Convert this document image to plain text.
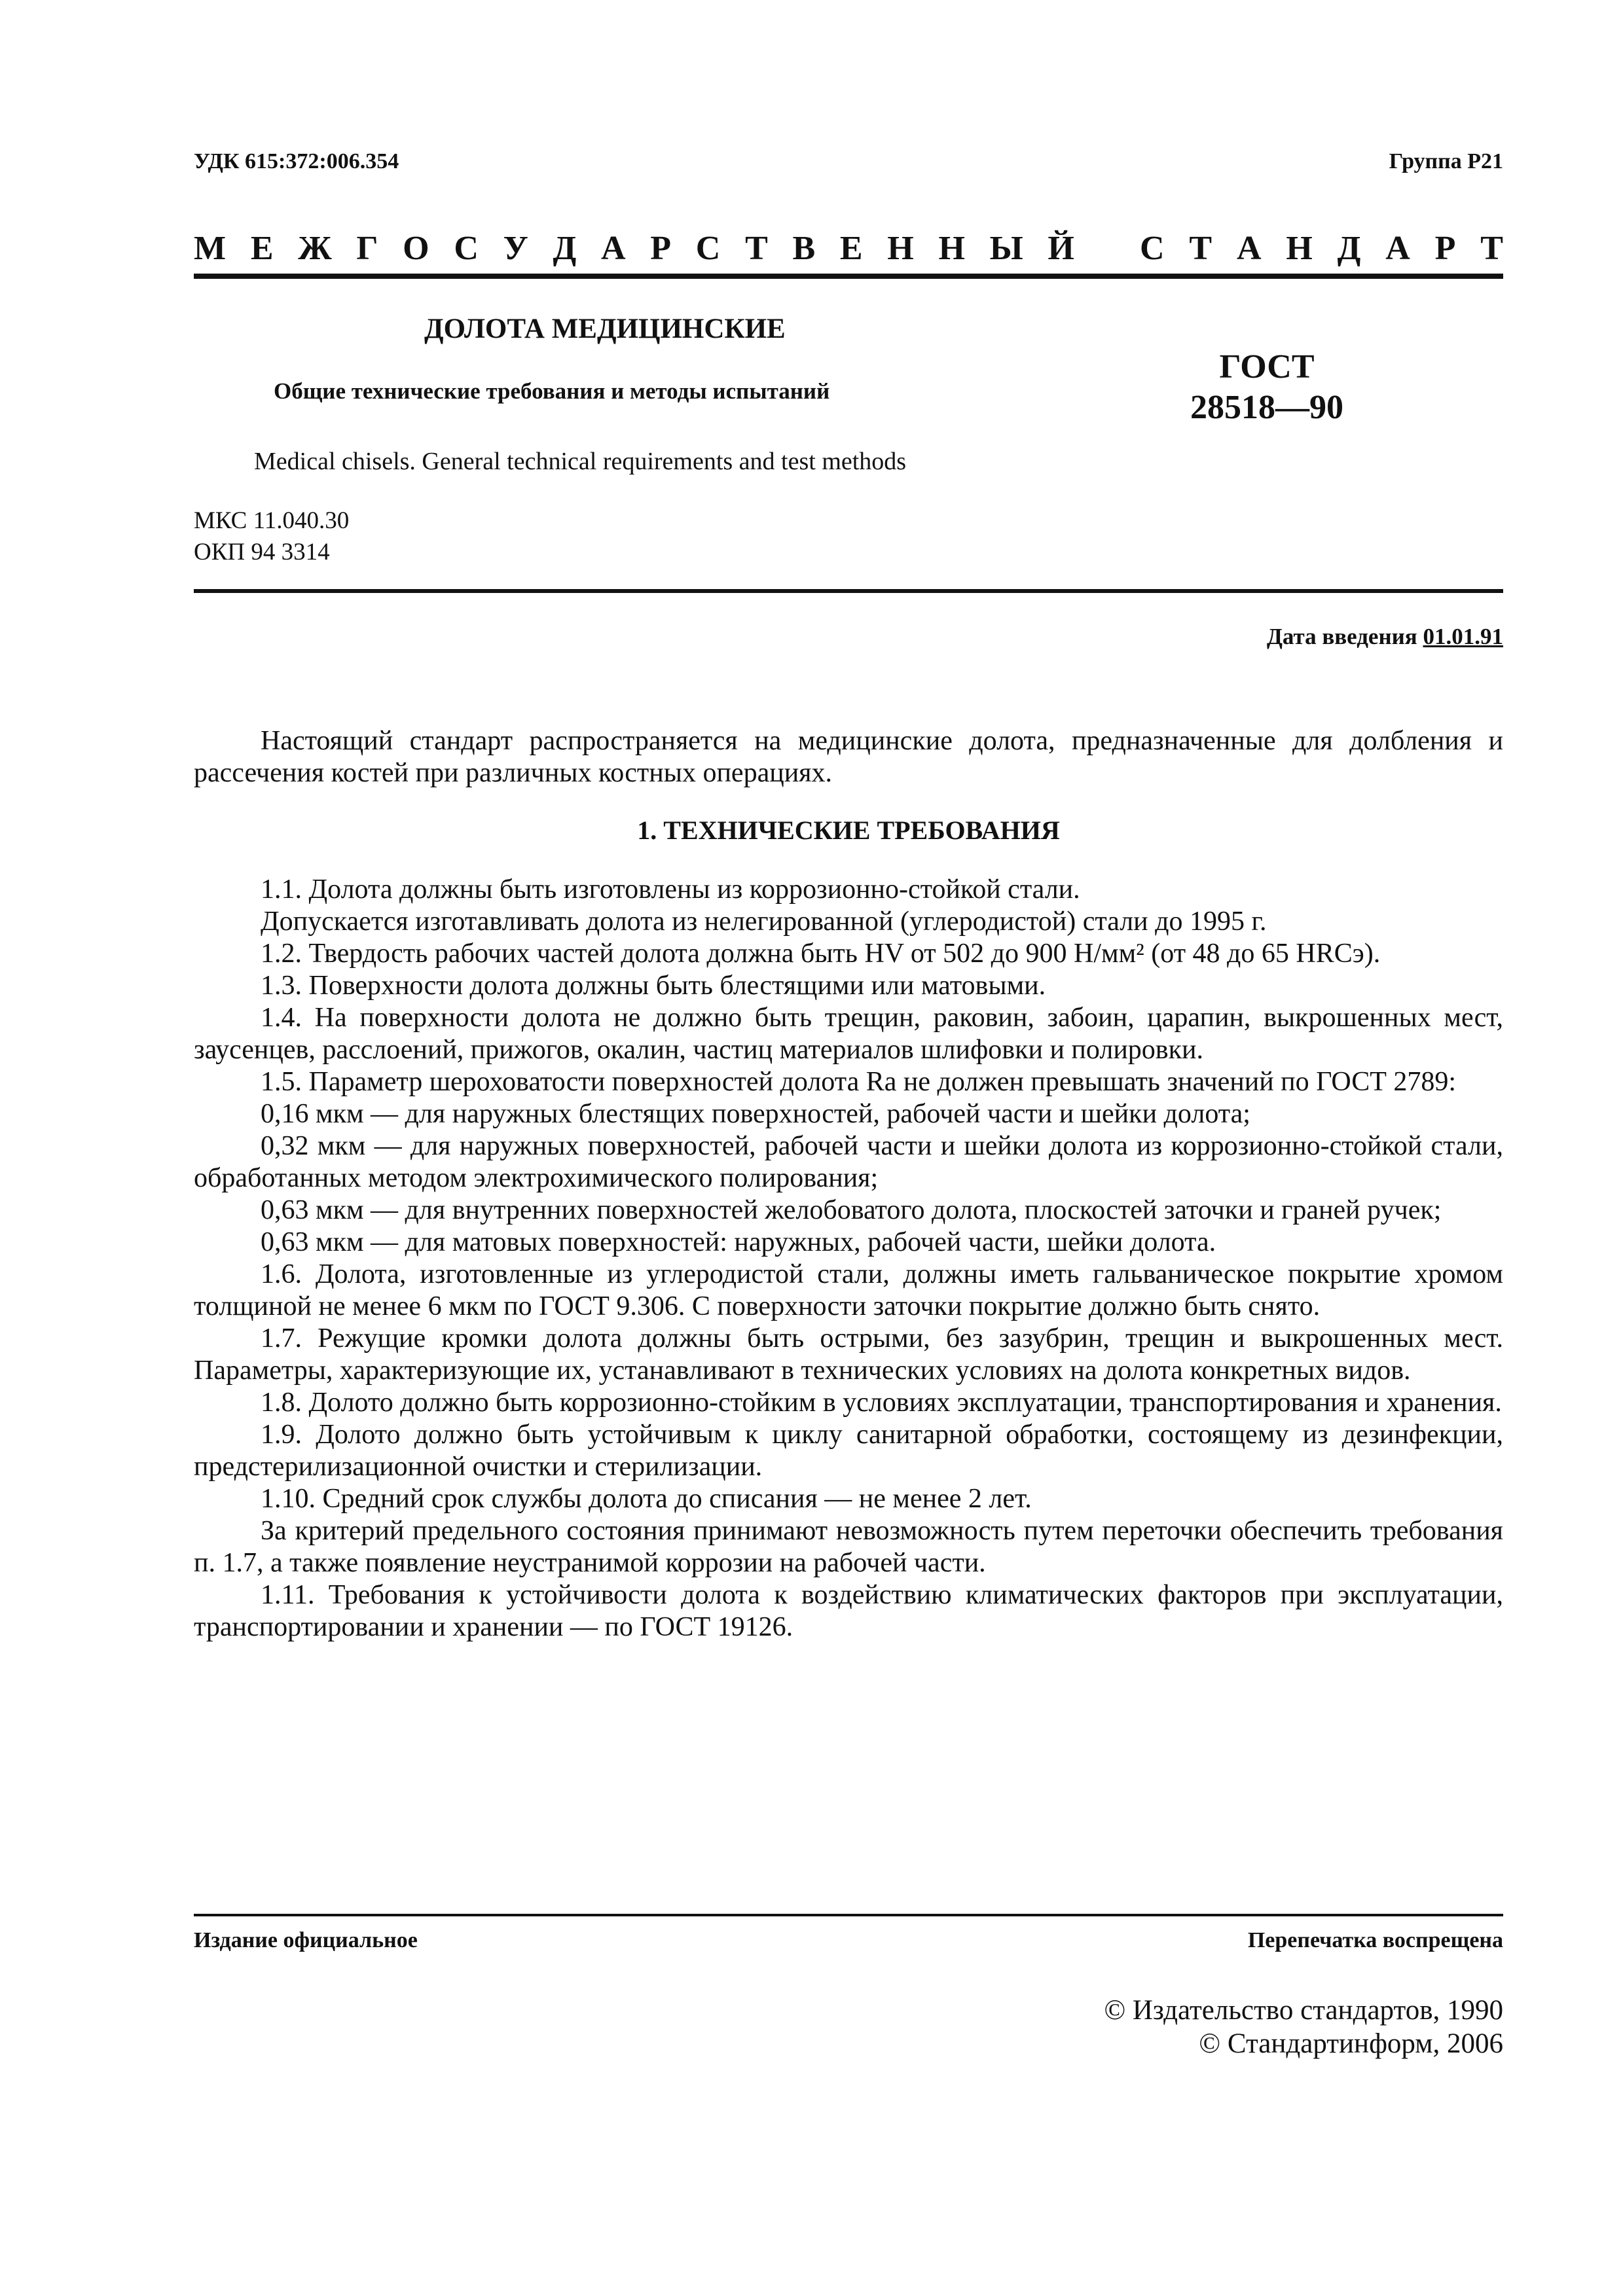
УДК 615:372:006.354	Группа Р21
М Е Ж Г О С У Д А Р С Т В Е Н Н Ы Й С Т А Н Д А Р Т
ДОЛОТА МЕДИЦИНСКИЕ
Общие технические требования и методы испытаний
ГОСТ
28518—90
Medical chisels. General technical requirements and test methods
МКС 11.040.30
ОКП 94 3314
Дата введения 01.01.91

Настоящий стандарт распространяется на медицинские долота, предназначенные для долбления и рассечения костей при различных костных операциях.

1. ТЕХНИЧЕСКИЕ ТРЕБОВАНИЯ

1.1. Долота должны быть изготовлены из коррозионно-стойкой стали.

Допускается изготавливать долота из нелегированной (углеродистой) стали до 1995 г.

1.2. Твердость рабочих частей долота должна быть HV от 502 до 900 Н/мм² (от 48 до 65 HRCэ).

1.3. Поверхности долота должны быть блестящими или матовыми.

1.4. На поверхности долота не должно быть трещин, раковин, забоин, царапин, выкрошенных мест, заусенцев, расслоений, прижогов, окалин, частиц материалов шлифовки и полировки.

1.5. Параметр шероховатости поверхностей долота Ra не должен превышать значений по ГОСТ 2789:

0,16 мкм — для наружных блестящих поверхностей, рабочей части и шейки долота;

0,32 мкм — для наружных поверхностей, рабочей части и шейки долота из коррозионно-стойкой стали, обработанных методом электрохимического полирования;

0,63 мкм — для внутренних поверхностей желобоватого долота, плоскостей заточки и граней ручек;

0,63 мкм — для матовых поверхностей: наружных, рабочей части, шейки долота.

1.6. Долота, изготовленные из углеродистой стали, должны иметь гальваническое покрытие хромом толщиной не менее 6 мкм по ГОСТ 9.306. С поверхности заточки покрытие должно быть снято.

1.7. Режущие кромки долота должны быть острыми, без зазубрин, трещин и выкрошенных мест. Параметры, характеризующие их, устанавливают в технических условиях на долота конкретных видов.

1.8. Долото должно быть коррозионно-стойким в условиях эксплуатации, транспортирования и хранения.

1.9. Долото должно быть устойчивым к циклу санитарной обработки, состоящему из дезинфекции, предстерилизационной очистки и стерилизации.

1.10. Средний срок службы долота до списания — не менее 2 лет.

За критерий предельного состояния принимают невозможность путем переточки обеспечить требования п. 1.7, а также появление неустранимой коррозии на рабочей части.

1.11. Требования к устойчивости долота к воздействию климатических факторов при эксплуатации, транспортировании и хранении — по ГОСТ 19126.

Издание официальное	Перепечатка воспрещена
© Издательство стандартов, 1990
© Стандартинформ, 2006
